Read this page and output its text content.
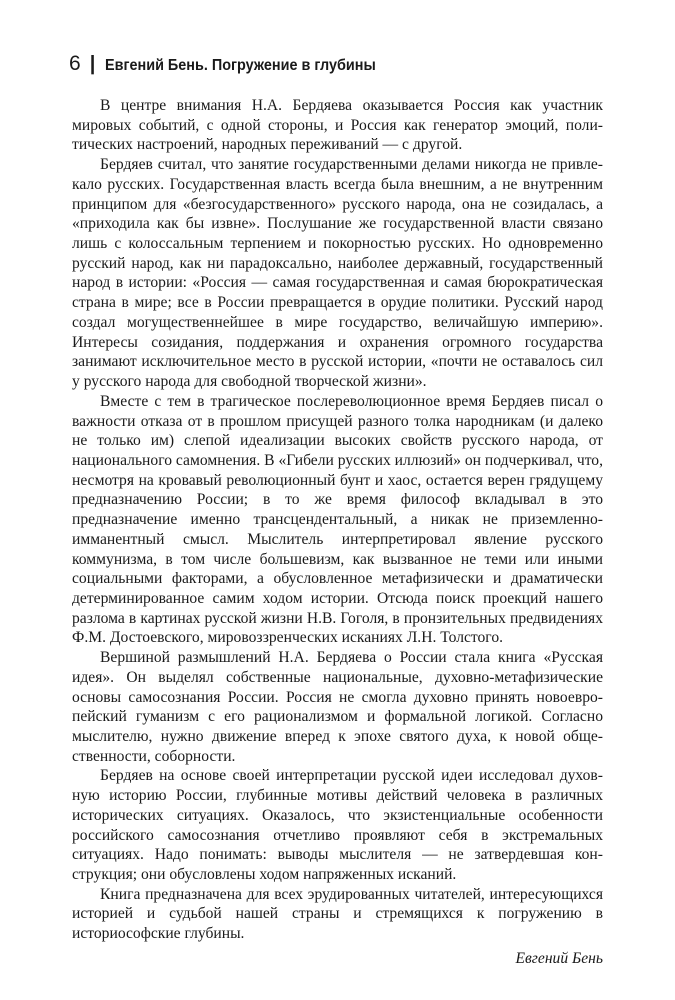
6 | Евгений Бень. Погружение в глубины

В центре внимания Н.А. Бердяева оказывается Россия как участник мировых событий, с одной стороны, и Россия как генератор эмоций, политических настроений, народных переживаний — с другой.

Бердяев считал, что занятие государственными делами никогда не привлекало русских. Государственная власть всегда была внешним, а не внутренним принципом для «безгосударственного» русского народа, она не созидалась, а «приходила как бы извне». Послушание же государственной власти связано лишь с колоссальным терпением и покорностью русских. Но одновременно русский народ, как ни парадоксально, наиболее державный, государственный народ в истории: «Россия — самая государственная и самая бюрократическая страна в мире; все в России превращается в орудие политики. Русский народ создал могущественнейшее в мире государство, величайшую империю». Интересы созидания, поддержания и охранения огромного государства занимают исключительное место в русской истории, «почти не оставалось сил у русского народа для свободной творческой жизни».

Вместе с тем в трагическое послереволюционное время Бердяев писал о важности отказа от в прошлом присущей разного толка народникам (и далеко не только им) слепой идеализации высоких свойств русского народа, от национального самомнения. В «Гибели русских иллюзий» он подчеркивал, что, несмотря на кровавый революционный бунт и хаос, остается верен грядущему предназначению России; в то же время философ вкладывал в это предназначение именно трансцендентальный, а никак не приземленно-имманентный смысл. Мыслитель интерпретировал явление русского коммунизма, в том числе большевизм, как вызванное не теми или иными социальными факторами, а обусловленное метафизически и драматически детерминированное самим ходом истории. Отсюда поиск проекций нашего разлома в картинах русской жизни Н.В. Гоголя, в пронзительных предвидениях Ф.М. Достоевского, мировоззренческих исканиях Л.Н. Толстого.

Вершиной размышлений Н.А. Бердяева о России стала книга «Русская идея». Он выделял собственные национальные, духовно-метафизические основы самосознания России. Россия не смогла духовно принять новоевропейский гуманизм с его рационализмом и формальной логикой. Согласно мыслителю, нужно движение вперед к эпохе святого духа, к новой общественности, соборности.

Бердяев на основе своей интерпретации русской идеи исследовал духовную историю России, глубинные мотивы действий человека в различных исторических ситуациях. Оказалось, что экзистенциальные особенности российского самосознания отчетливо проявляют себя в экстремальных ситуациях. Надо понимать: выводы мыслителя — не затвердевшая конструкция; они обусловлены ходом напряженных исканий.

Книга предназначена для всех эрудированных читателей, интересующихся историей и судьбой нашей страны и стремящихся к погружению в историософские глубины.

Евгений Бень
